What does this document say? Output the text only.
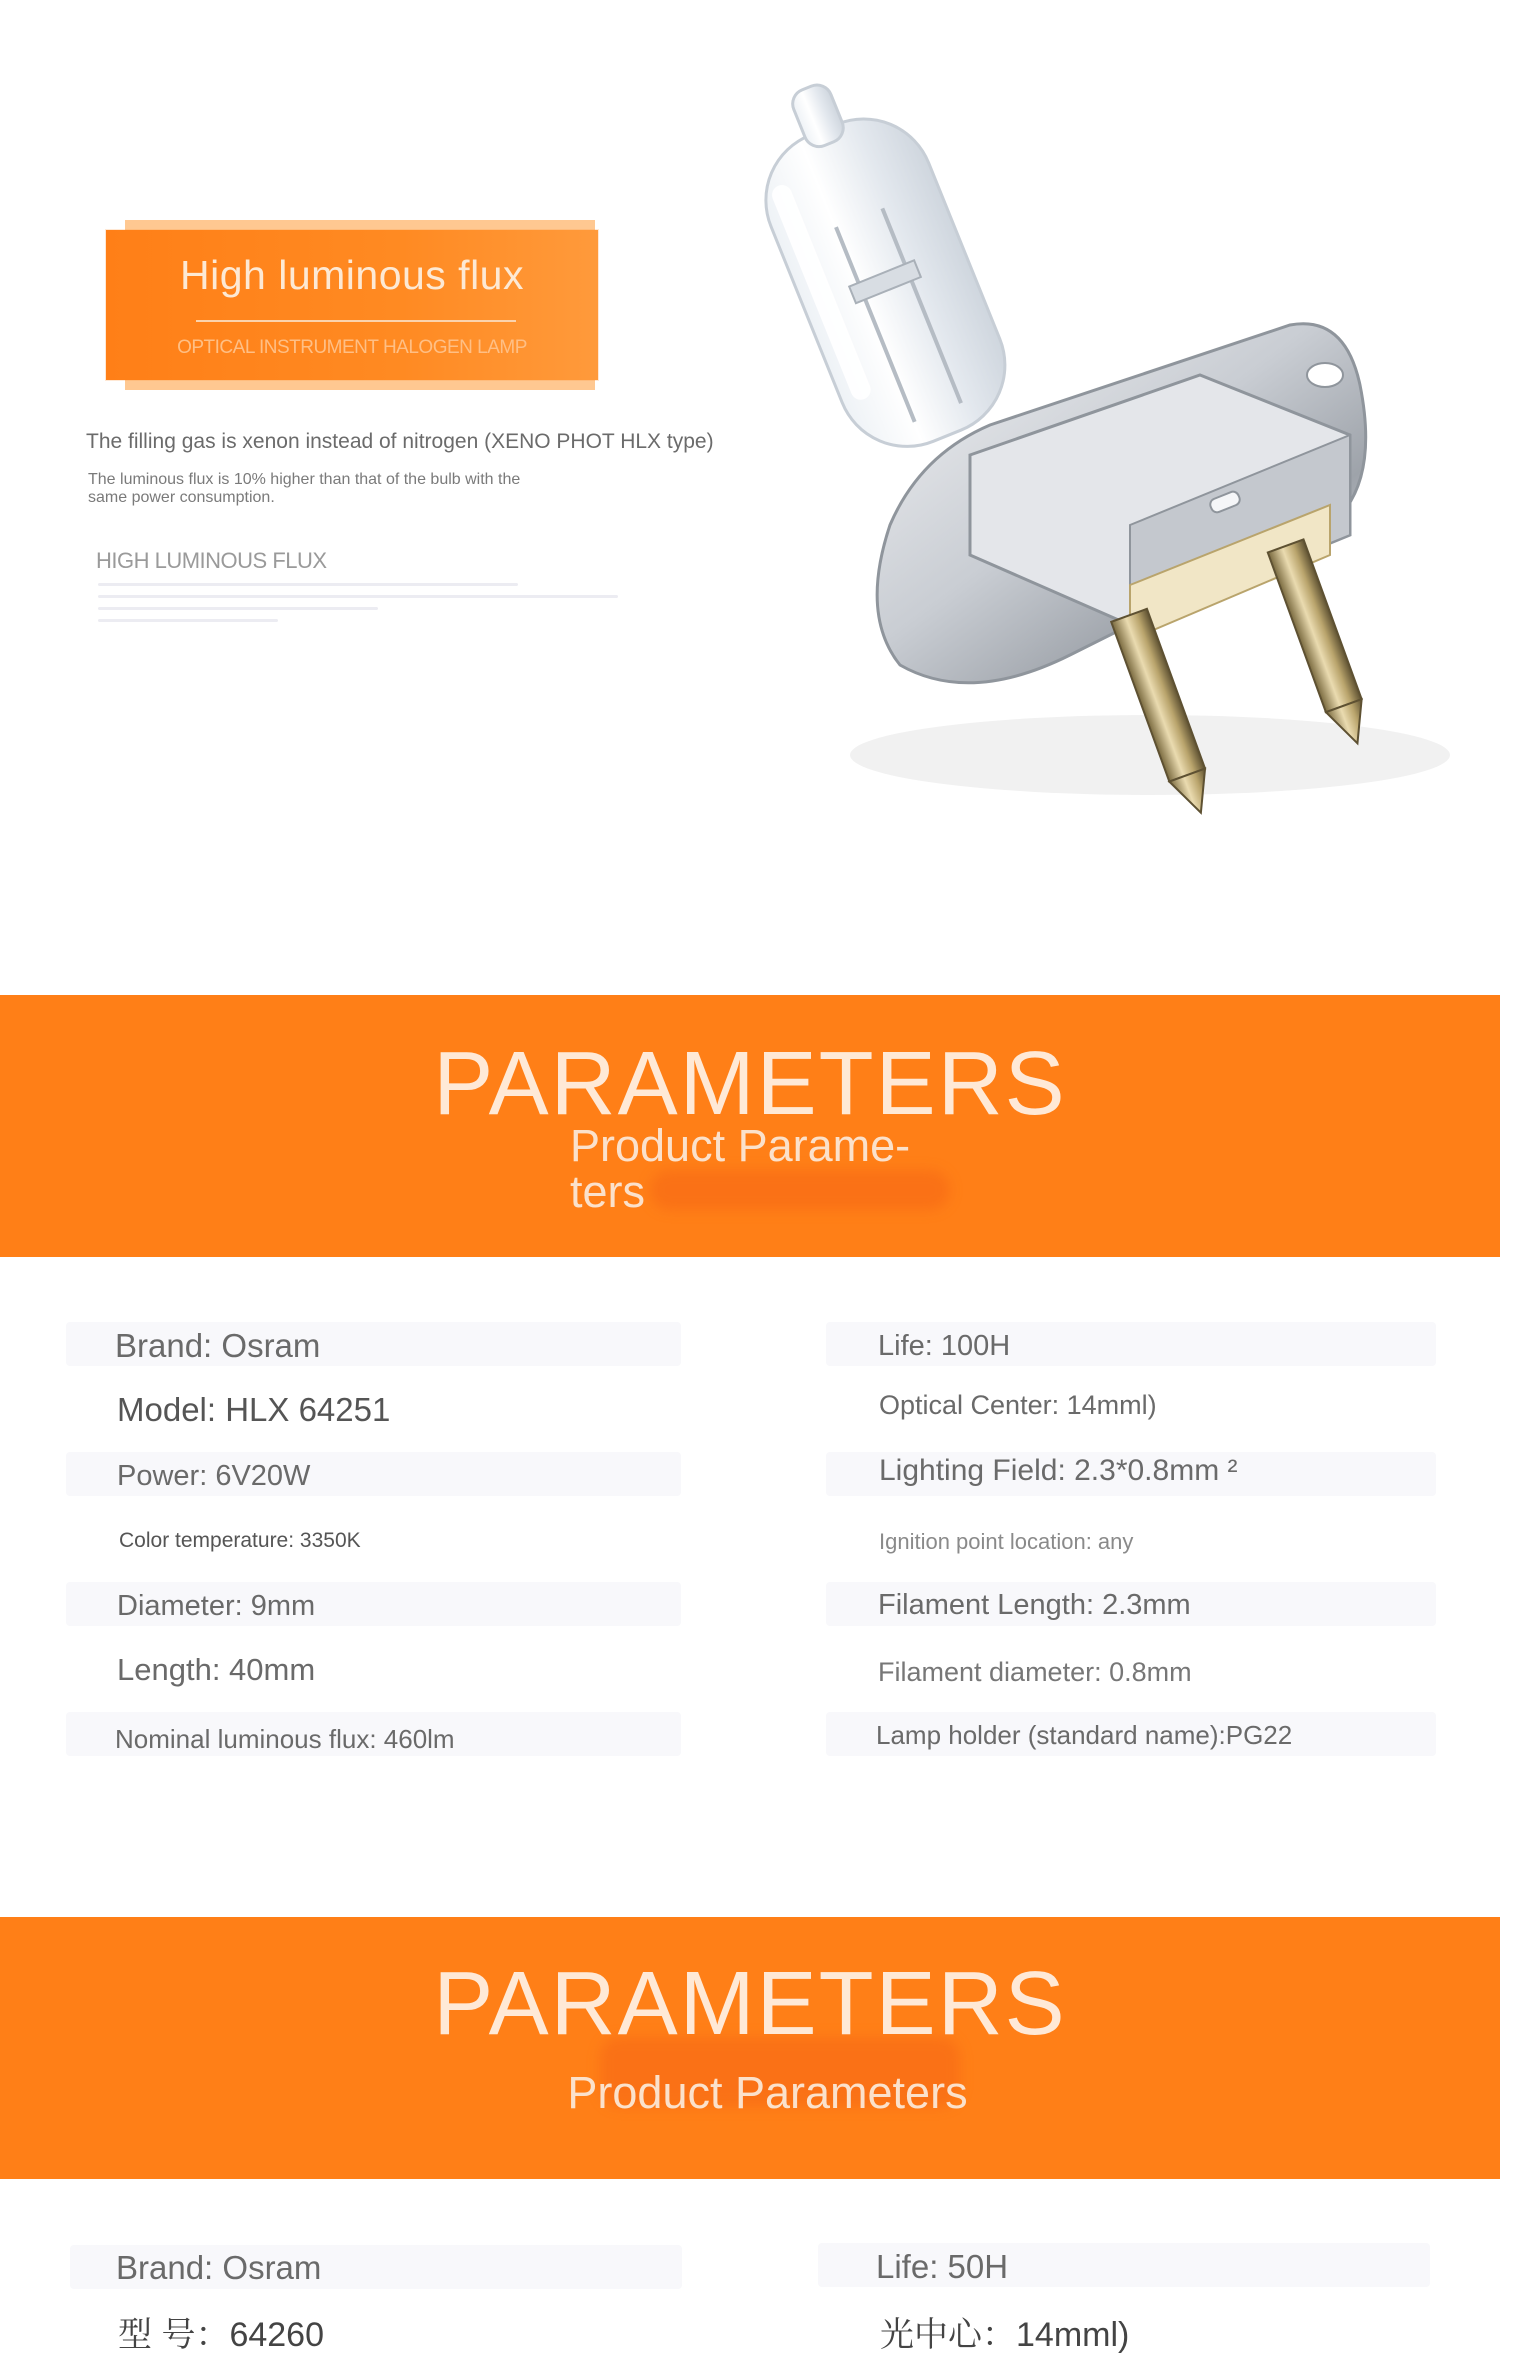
High luminous flux
OPTICAL INSTRUMENT HALOGEN LAMP
The filling gas is xenon instead of nitrogen (XENO PHOT HLX type)
The luminous flux is 10% higher than that of the bulb with the same power consumption.
HIGH LUMINOUS FLUX
PARAMETERS
Product Parame-
ters
Brand: Osram
Model: HLX 64251
Power: 6V20W
Color temperature: 3350K
Diameter: 9mm
Length: 40mm
Nominal luminous flux: 460lm
Life: 100H
Optical Center: 14mml)
Lighting Field: 2.3*0.8mm ²
Ignition point location: any
Filament Length: 2.3mm
Filament diameter: 0.8mm
Lamp holder (standard name):PG22
PARAMETERS
Product Parameters
Brand: Osram	Life: 50H
型 号：64260	光中心：14mml)
